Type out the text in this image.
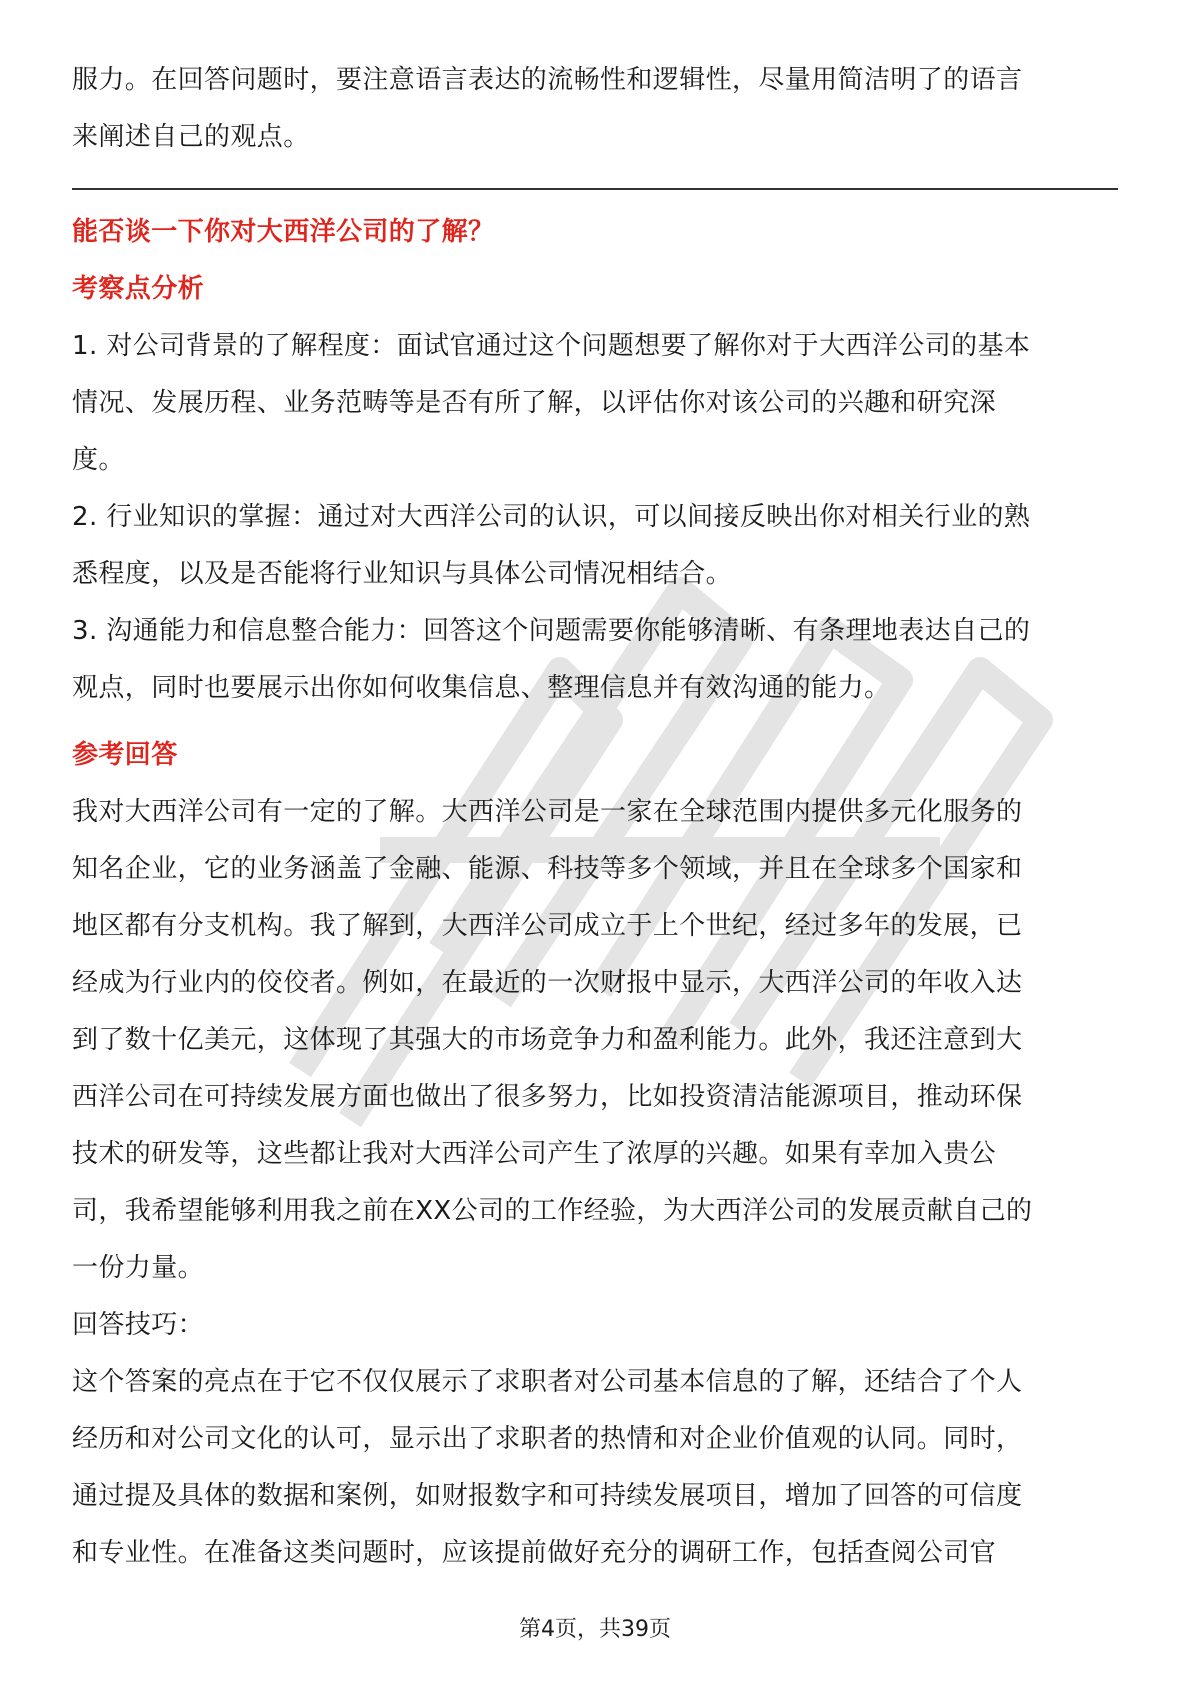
服力。在回答问题时，要注意语言表达的流畅性和逻辑性，尽量用简洁明了的语言

来阐述自己的观点。

能否谈一下你对大西洋公司的了解？

考察点分析

1. 对公司背景的了解程度：面试官通过这个问题想要了解你对于大西洋公司的基本

情况、发展历程、业务范畴等是否有所了解，以评估你对该公司的兴趣和研究深

度。

2. 行业知识的掌握：通过对大西洋公司的认识，可以间接反映出你对相关行业的熟

悉程度，以及是否能将行业知识与具体公司情况相结合。

3. 沟通能力和信息整合能力：回答这个问题需要你能够清晰、有条理地表达自己的

观点，同时也要展示出你如何收集信息、整理信息并有效沟通的能力。

参考回答

我对大西洋公司有一定的了解。大西洋公司是一家在全球范围内提供多元化服务的

知名企业，它的业务涵盖了金融、能源、科技等多个领域，并且在全球多个国家和

地区都有分支机构。我了解到，大西洋公司成立于上个世纪，经过多年的发展，已

经成为行业内的佼佼者。例如，在最近的一次财报中显示，大西洋公司的年收入达

到了数十亿美元，这体现了其强大的市场竞争力和盈利能力。此外，我还注意到大

西洋公司在可持续发展方面也做出了很多努力，比如投资清洁能源项目，推动环保

技术的研发等，这些都让我对大西洋公司产生了浓厚的兴趣。如果有幸加入贵公

司，我希望能够利用我之前在XX公司的工作经验，为大西洋公司的发展贡献自己的

一份力量。

回答技巧：

这个答案的亮点在于它不仅仅展示了求职者对公司基本信息的了解，还结合了个人

经历和对公司文化的认可，显示出了求职者的热情和对企业价值观的认同。同时，

通过提及具体的数据和案例，如财报数字和可持续发展项目，增加了回答的可信度

和专业性。在准备这类问题时，应该提前做好充分的调研工作，包括查阅公司官

第4页，共39页
